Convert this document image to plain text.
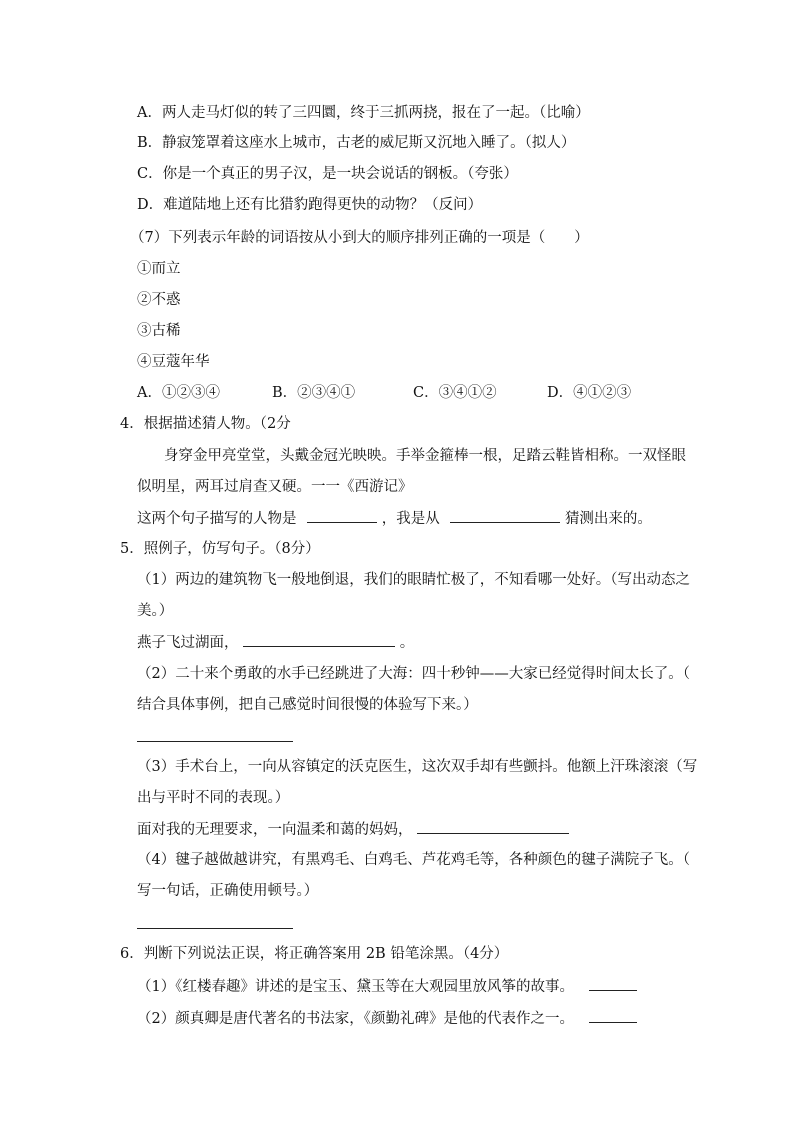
A．两人走马灯似的转了三四圜，终于三抓两挠，报在了一起。（比喻）
B．静寂笼罩着这座水上城市，古老的威尼斯又沉地入睡了。（拟人）
C．你是一个真正的男子汉，是一块会说话的钢板。（夸张）
D．难道陆地上还有比猎豹跑得更快的动物？（反问）
（7）下列表示年龄的词语按从小到大的顺序排列正确的一项是（　　）
①而立
②不惑
③古稀
④豆蔻年华
A．①②③④	B．②③④①	C．③④①②	D．④①②③
4．根据描述猜人物。（2分
身穿金甲亮堂堂，头戴金冠光映映。手举金箍棒一根，足踏云鞋皆相称。一双怪眼
似明星，两耳过肩查又硬。一一《西游记》
这两个句子描写的人物是	，我是从	猜测出来的。
5．照例子，仿写句子。（8分）
（1）两边的建筑物飞一般地倒退，我们的眼睛忙极了，不知看哪一处好。（写出动态之
美。）
燕子飞过湖面，	。
（2）二十来个勇敢的水手已经跳进了大海：四十秒钟——大家已经觉得时间太长了。（
结合具体事例，把自己感觉时间很慢的体验写下来。）
（3）手术台上，一向从容镇定的沃克医生，这次双手却有些颤抖。他额上汗珠滚滚（写
出与平时不同的表现。）
面对我的无理要求，一向温柔和蔼的妈妈，
（4）毽子越做越讲究，有黑鸡毛、白鸡毛、芦花鸡毛等，各种颜色的毽子满院子飞。（
写一句话，正确使用顿号。）
6．判断下列说法正误，将正确答案用 2B 铅笔涂黑。（4分）
（1）《红楼春趣》讲述的是宝玉、黛玉等在大观园里放风筝的故事。
（2）颜真卿是唐代著名的书法家，《颜勤礼碑》是他的代表作之一。
